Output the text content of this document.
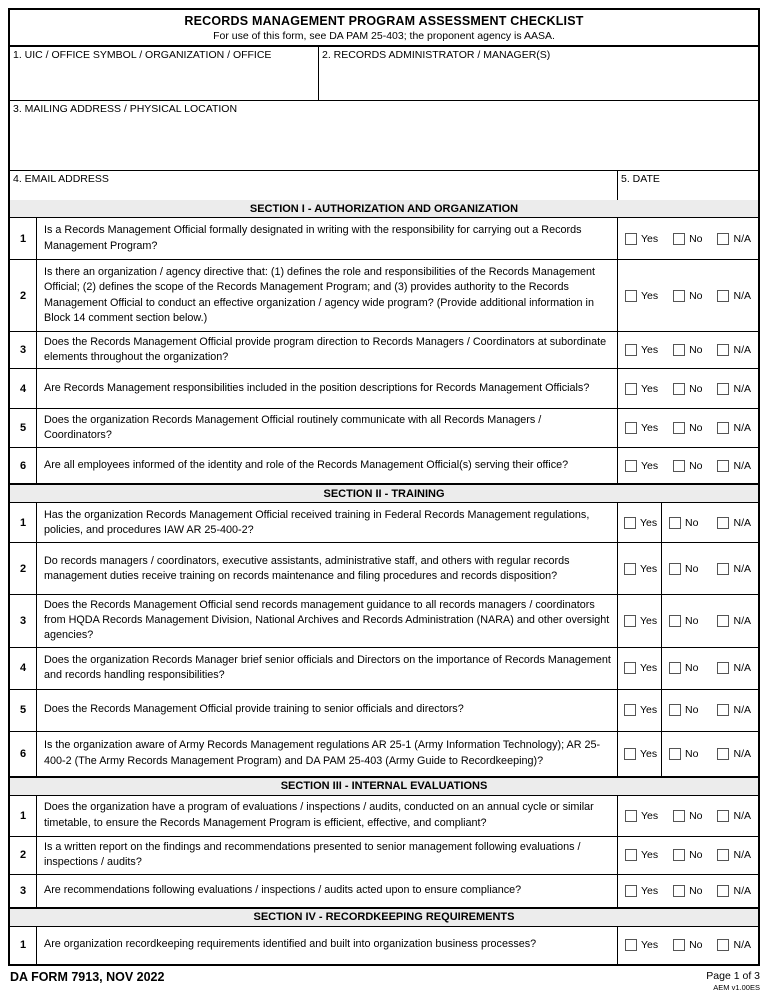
RECORDS MANAGEMENT PROGRAM ASSESSMENT CHECKLIST
For use of this form, see DA PAM 25-403; the proponent agency is AASA.
1. UIC / OFFICE SYMBOL / ORGANIZATION / OFFICE	2. RECORDS ADMINISTRATOR / MANAGER(S)
3. MAILING ADDRESS / PHYSICAL LOCATION
4. EMAIL ADDRESS	5. DATE
SECTION I - AUTHORIZATION AND ORGANIZATION
1
Is a Records Management Official formally designated in writing with the responsibility for carrying out a Records Management Program?
Yes	No	N/A
2
Is there an organization / agency directive that: (1) defines the role and responsibilities of the Records Management Official; (2) defines the scope of the Records Management Program; and (3) provides authority to the Records Management Official to conduct an effective organization / agency wide program? (Provide additional information in Block 14 comment section below.)
Yes	No	N/A
3
Does the Records Management Official provide program direction to Records Managers / Coordinators at subordinate elements throughout the organization?
Yes	No	N/A
4	Are Records Management responsibilities included in the position descriptions for Records Management Officials?	Yes	No	N/A
5
Does the organization Records Management Official routinely communicate with all Records Managers / Coordinators?
Yes	No	N/A
6	Are all employees informed of the identity and role of the Records Management Official(s) serving their office?	Yes	No	N/A
SECTION II - TRAINING
1
Has the organization Records Management Official received training in Federal Records Management regulations, policies, and procedures IAW AR 25-400-2?
Yes	No	N/A
2
Do records managers / coordinators, executive assistants, administrative staff, and others with regular records management duties receive training on records maintenance and filing procedures and records disposition?
Yes	No	N/A
3
Does the Records Management Official send records management guidance to all records managers / coordinators from HQDA Records Management Division, National Archives and Records Administration (NARA) and other oversight agencies?
Yes	No	N/A
4
Does the organization Records Manager brief senior officials and Directors on the importance of Records Management and records handling responsibilities?
Yes	No	N/A
5	Does the Records Management Official provide training to senior officials and directors?	Yes	No	N/A
6
Is the organization aware of Army Records Management regulations AR 25-1 (Army Information Technology); AR 25-400-2 (The Army Records Management Program) and DA PAM 25-403 (Army Guide to Recordkeeping)?
Yes	No	N/A
SECTION III - INTERNAL EVALUATIONS
1
Does the organization have a program of evaluations / inspections / audits, conducted on an annual cycle or similar timetable, to ensure the Records Management Program is efficient, effective, and compliant?
Yes	No	N/A
2
Is a written report on the findings and recommendations presented to senior management following evaluations / inspections / audits?
Yes	No	N/A
3	Are recommendations following evaluations / inspections / audits acted upon to ensure compliance?	Yes	No	N/A
SECTION IV - RECORDKEEPING REQUIREMENTS
1	Are organization recordkeeping requirements identified and built into organization business processes?	Yes	No	N/A
DA FORM 7913, NOV 2022	Page 1 of 3
AEM v1.00ES
